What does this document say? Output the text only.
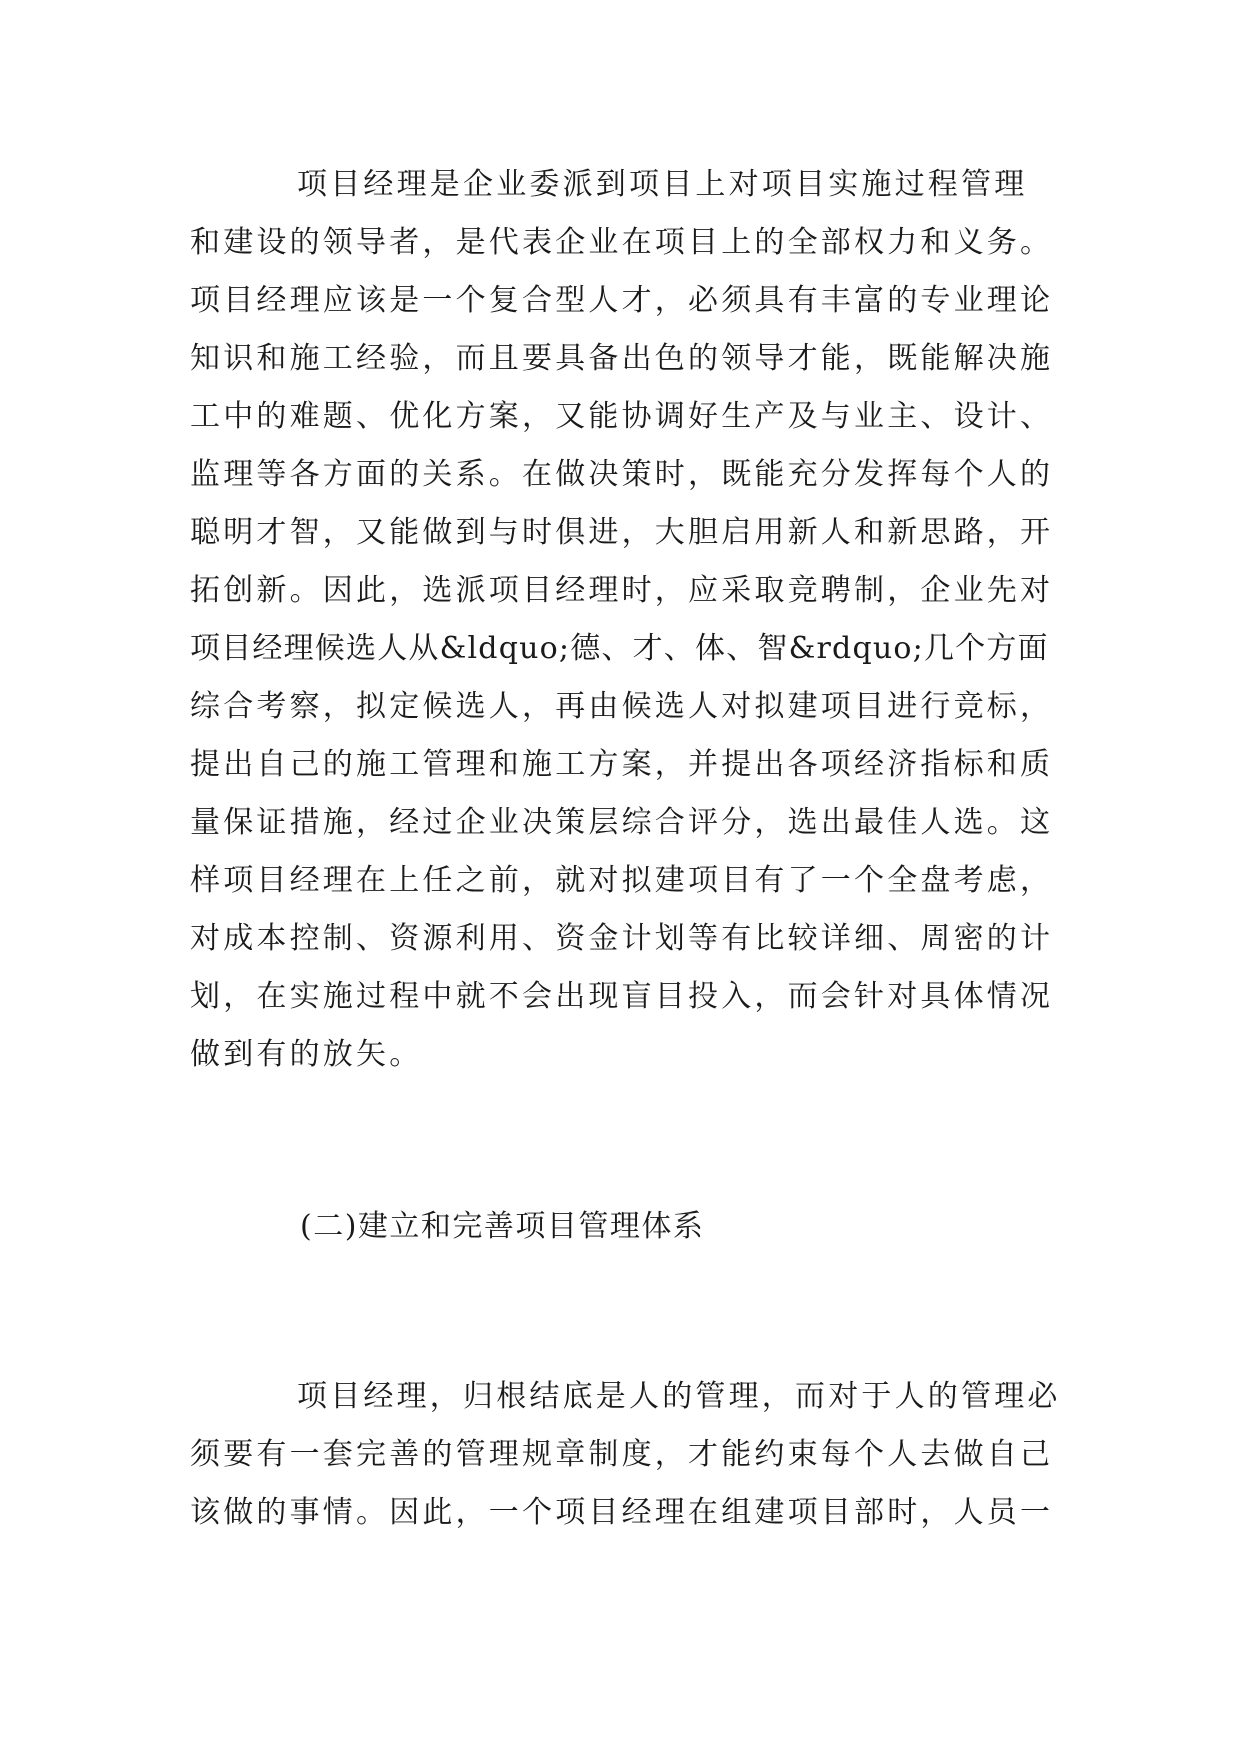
项目经理是企业委派到项目上对项目实施过程管理
和建设的领导者，是代表企业在项目上的全部权力和义务。
项目经理应该是一个复合型人才，必须具有丰富的专业理论
知识和施工经验，而且要具备出色的领导才能，既能解决施
工中的难题、优化方案，又能协调好生产及与业主、设计、
监理等各方面的关系。在做决策时，既能充分发挥每个人的
聪明才智，又能做到与时俱进，大胆启用新人和新思路，开
拓创新。因此，选派项目经理时，应采取竞聘制，企业先对
项目经理候选人从&ldquo;德、才、体、智&rdquo;几个方面
综合考察，拟定候选人，再由候选人对拟建项目进行竞标，
提出自己的施工管理和施工方案，并提出各项经济指标和质
量保证措施，经过企业决策层综合评分，选出最佳人选。这
样项目经理在上任之前，就对拟建项目有了一个全盘考虑，
对成本控制、资源利用、资金计划等有比较详细、周密的计
划，在实施过程中就不会出现盲目投入，而会针对具体情况
做到有的放矢。
(二)建立和完善项目管理体系
项目经理，归根结底是人的管理，而对于人的管理必
须要有一套完善的管理规章制度，才能约束每个人去做自己
该做的事情。因此，一个项目经理在组建项目部时，人员一
